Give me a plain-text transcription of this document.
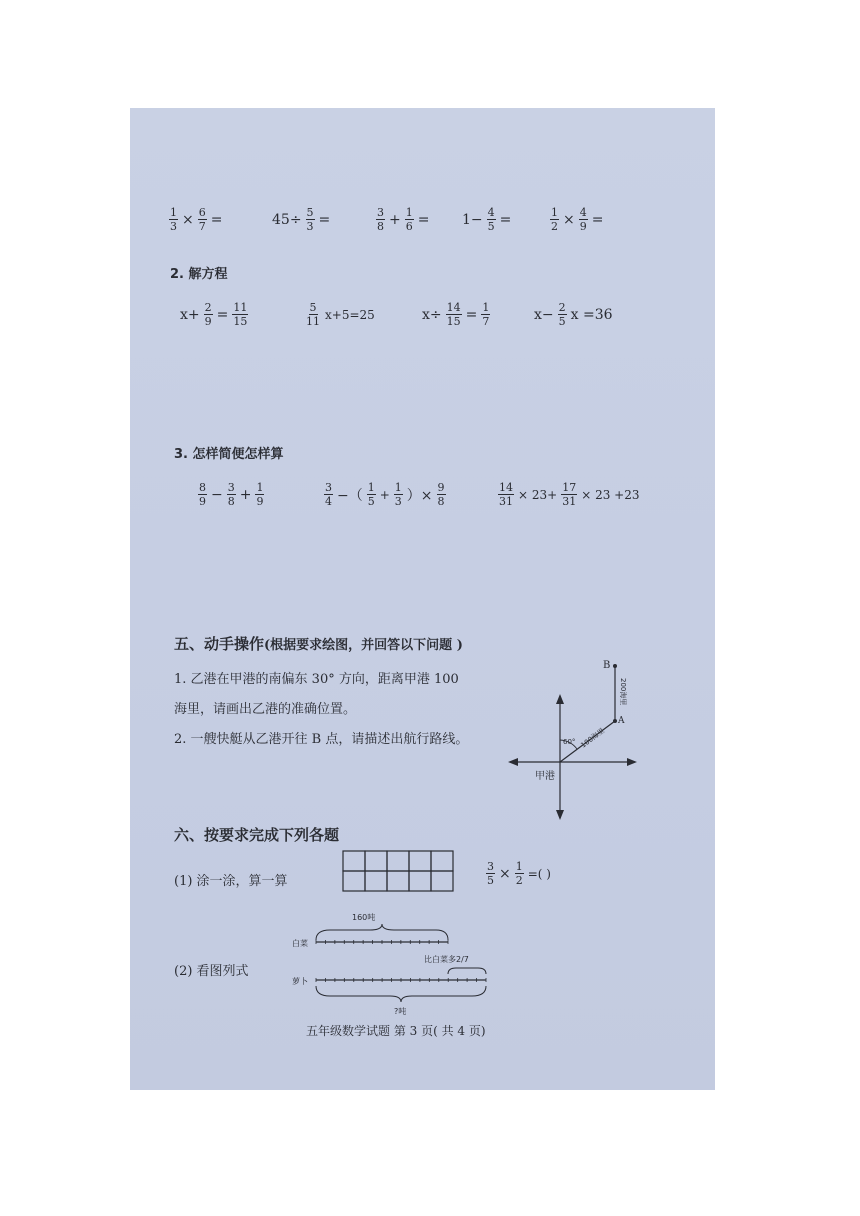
$\frac{1}{3} \times \frac{6}{7}$ =	$45\div \frac{5}{3}$ =	$\frac{3}{8} + \frac{1}{6} = 1- \frac{4}{5}$ =	$\frac{1}{2} \times \frac{4}{9}$ =
2. 解方程
$x+ \frac{2}{9} = \frac{11}{15}$	$\frac{5}{11} x+5=25$	$x\div \frac{14}{15} = \frac{1}{7}$	$x- \frac{2}{5}$ x =36
3. 怎样简便怎样算
$\frac{8}{9} - \frac{3}{8} + \frac{1}{9}$	$\frac{3}{4}$ −（ $\frac{1}{5} + \frac{1}{3}$ ）× $\frac{9}{8}$	$\frac{14}{31} \times 23+ \frac{17}{31} \times 23 +23$
五、动手操作(根据要求绘图，并回答以下问题 )
1. 乙港在甲港的南偏东 30° 方向，距离甲港 100
海里，请画出乙港的准确位置。
2. 一艘快艇从乙港开往 B 点，请描述出航行路线。
B
A
60° 100海里
200海里
甲港
六、按要求完成下列各题
(1) 涂一涂，算一算	$\frac{3}{5} \times \frac{1}{2}$ =( )
(2) 看图列式
160吨
白菜
萝卜
比白菜多2/7
?吨
五年级数学试题 第 3 页( 共 4 页)
